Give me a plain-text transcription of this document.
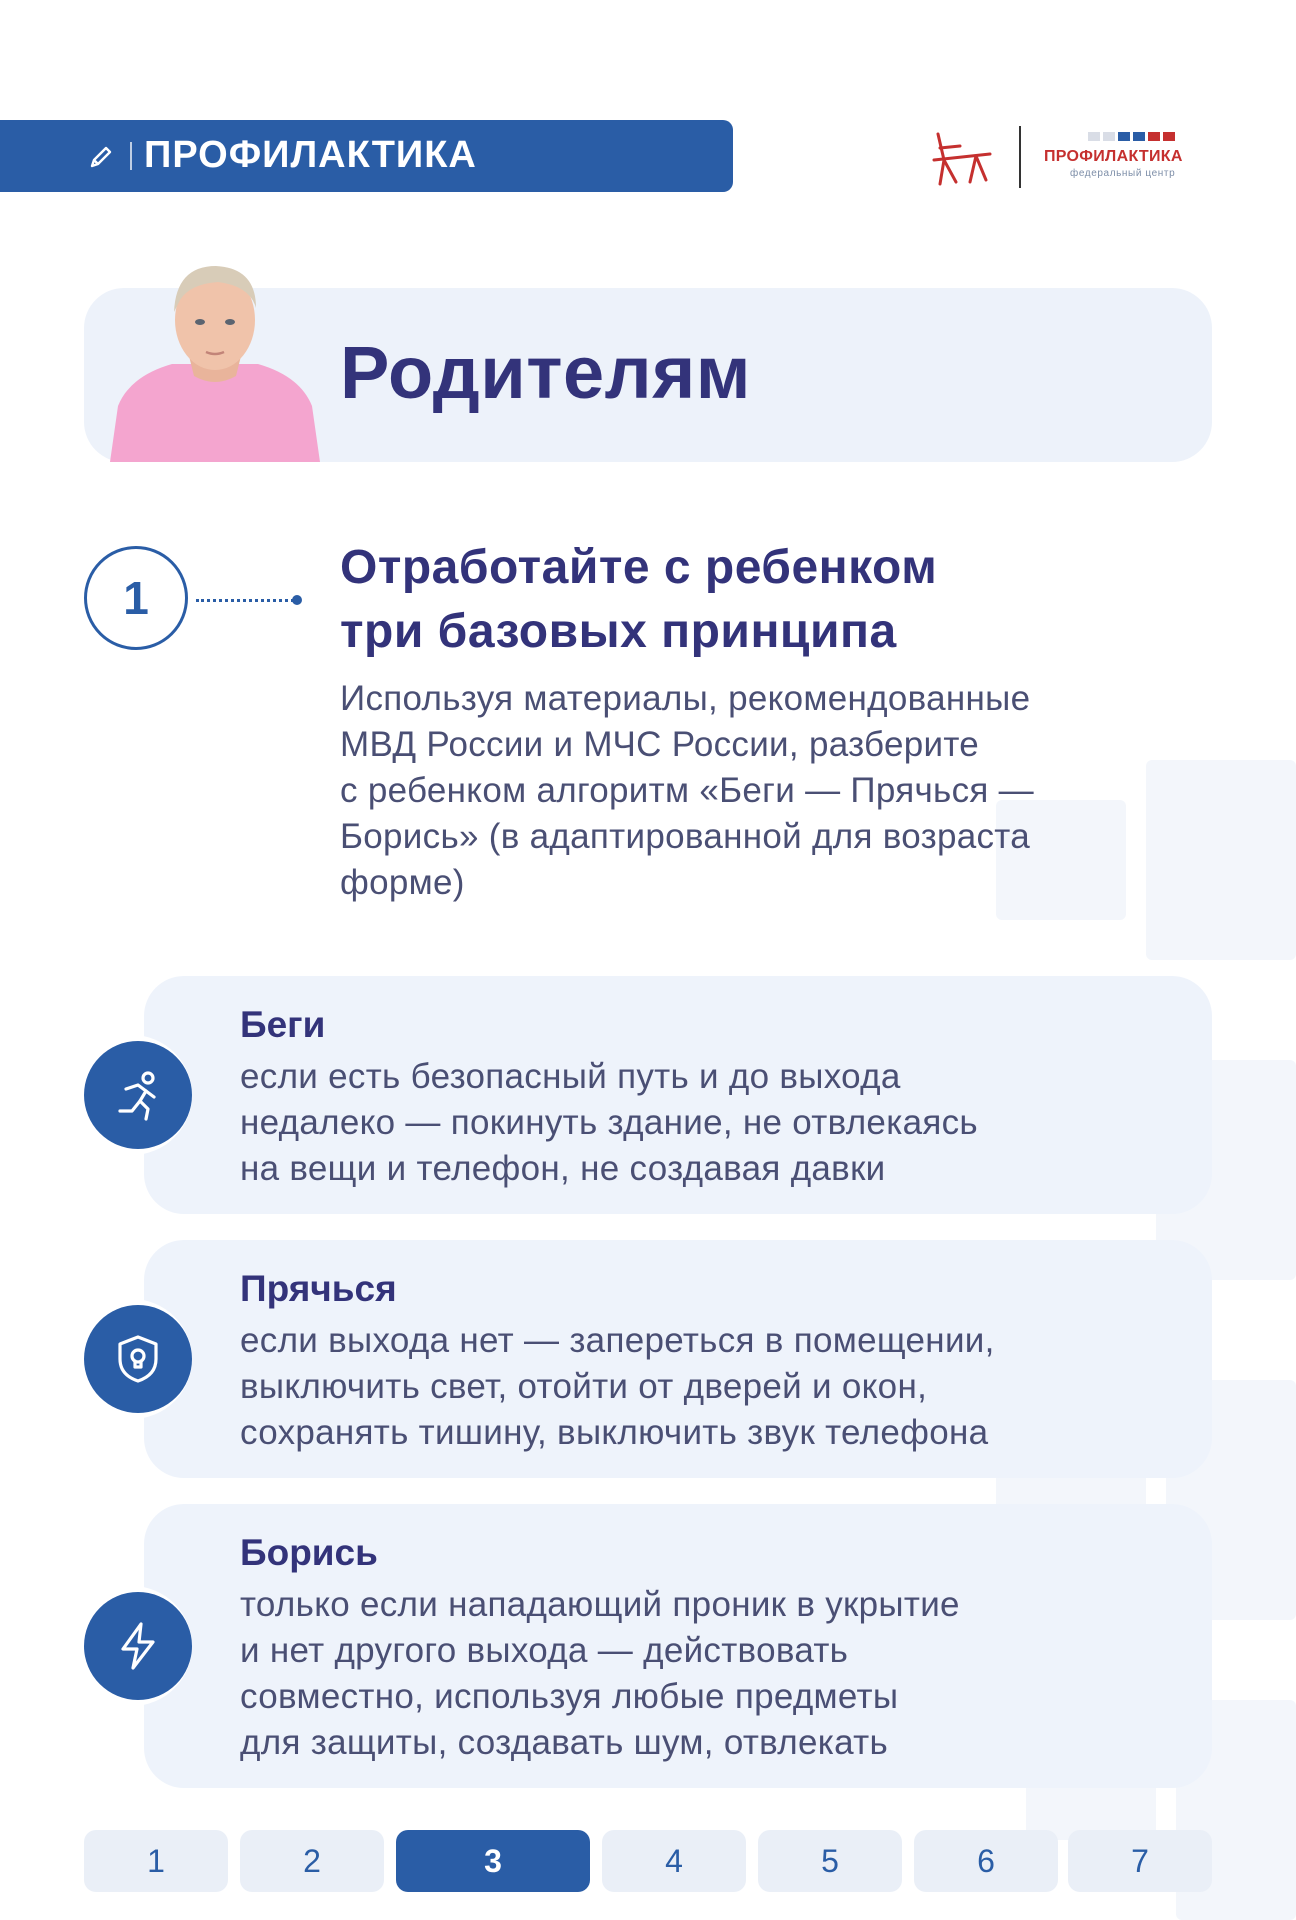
ПРОФИЛАКТИКА	ПРОФИЛАКТИКА
федеральный центр
Родителям
1
Отработайте с ребенком
три базовых принципа
Используя материалы, рекомендованные
МВД России и МЧС России, разберите
с ребенком алгоритм «Беги — Прячься —
Борись» (в адаптированной для возраста
форме)
Беги
если есть безопасный путь и до выхода
недалеко — покинуть здание, не отвлекаясь
на вещи и телефон, не создавая давки
Прячься
если выхода нет — запереться в помещении,
выключить свет, отойти от дверей и окон,
сохранять тишину, выключить звук телефона
Борись
только если нападающий проник в укрытие
и нет другого выхода — действовать
совместно, используя любые предметы
для защиты, создавать шум, отвлекать
1	2	3	4	5	6	7
